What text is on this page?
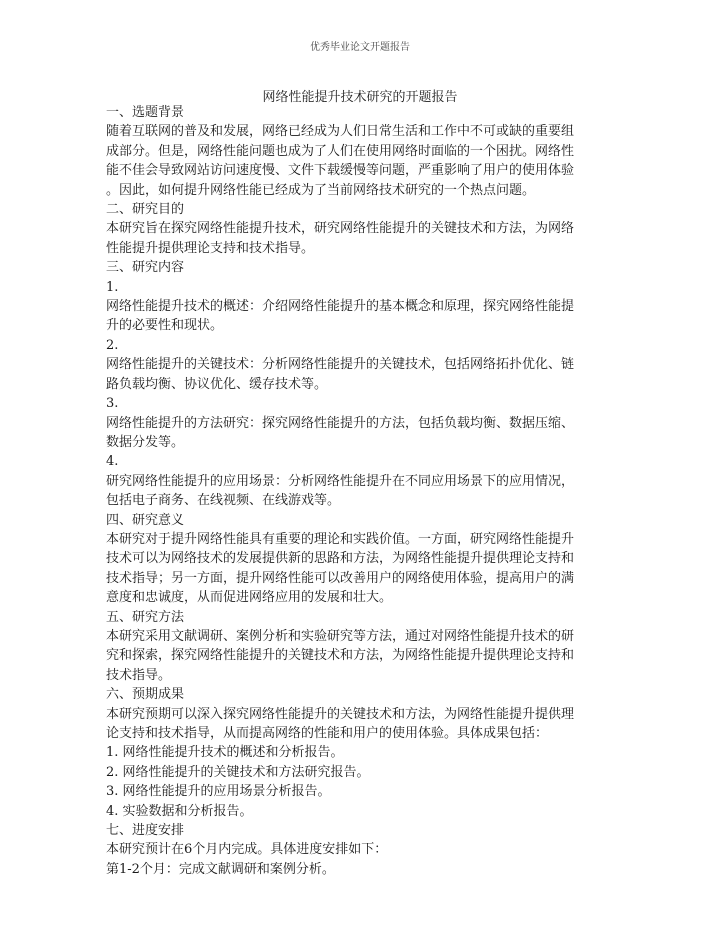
优秀毕业论文开题报告
网络性能提升技术研究的开题报告
一、选题背景
随着互联网的普及和发展，网络已经成为人们日常生活和工作中不可或缺的重要组
成部分。但是，网络性能问题也成为了人们在使用网络时面临的一个困扰。网络性
能不佳会导致网站访问速度慢、文件下载缓慢等问题，严重影响了用户的使用体验
。因此，如何提升网络性能已经成为了当前网络技术研究的一个热点问题。
二、研究目的
本研究旨在探究网络性能提升技术，研究网络性能提升的关键技术和方法，为网络
性能提升提供理论支持和技术指导。
三、研究内容
1.
网络性能提升技术的概述：介绍网络性能提升的基本概念和原理，探究网络性能提
升的必要性和现状。
2.
网络性能提升的关键技术：分析网络性能提升的关键技术，包括网络拓扑优化、链
路负载均衡、协议优化、缓存技术等。
3.
网络性能提升的方法研究：探究网络性能提升的方法，包括负载均衡、数据压缩、
数据分发等。
4.
研究网络性能提升的应用场景：分析网络性能提升在不同应用场景下的应用情况，
包括电子商务、在线视频、在线游戏等。
四、研究意义
本研究对于提升网络性能具有重要的理论和实践价值。一方面，研究网络性能提升
技术可以为网络技术的发展提供新的思路和方法，为网络性能提升提供理论支持和
技术指导；另一方面，提升网络性能可以改善用户的网络使用体验，提高用户的满
意度和忠诚度，从而促进网络应用的发展和壮大。
五、研究方法
本研究采用文献调研、案例分析和实验研究等方法，通过对网络性能提升技术的研
究和探索，探究网络性能提升的关键技术和方法，为网络性能提升提供理论支持和
技术指导。
六、预期成果
本研究预期可以深入探究网络性能提升的关键技术和方法，为网络性能提升提供理
论支持和技术指导，从而提高网络的性能和用户的使用体验。具体成果包括：
1. 网络性能提升技术的概述和分析报告。
2. 网络性能提升的关键技术和方法研究报告。
3. 网络性能提升的应用场景分析报告。
4. 实验数据和分析报告。
七、进度安排
本研究预计在6个月内完成。具体进度安排如下：
第1-2个月：完成文献调研和案例分析。
